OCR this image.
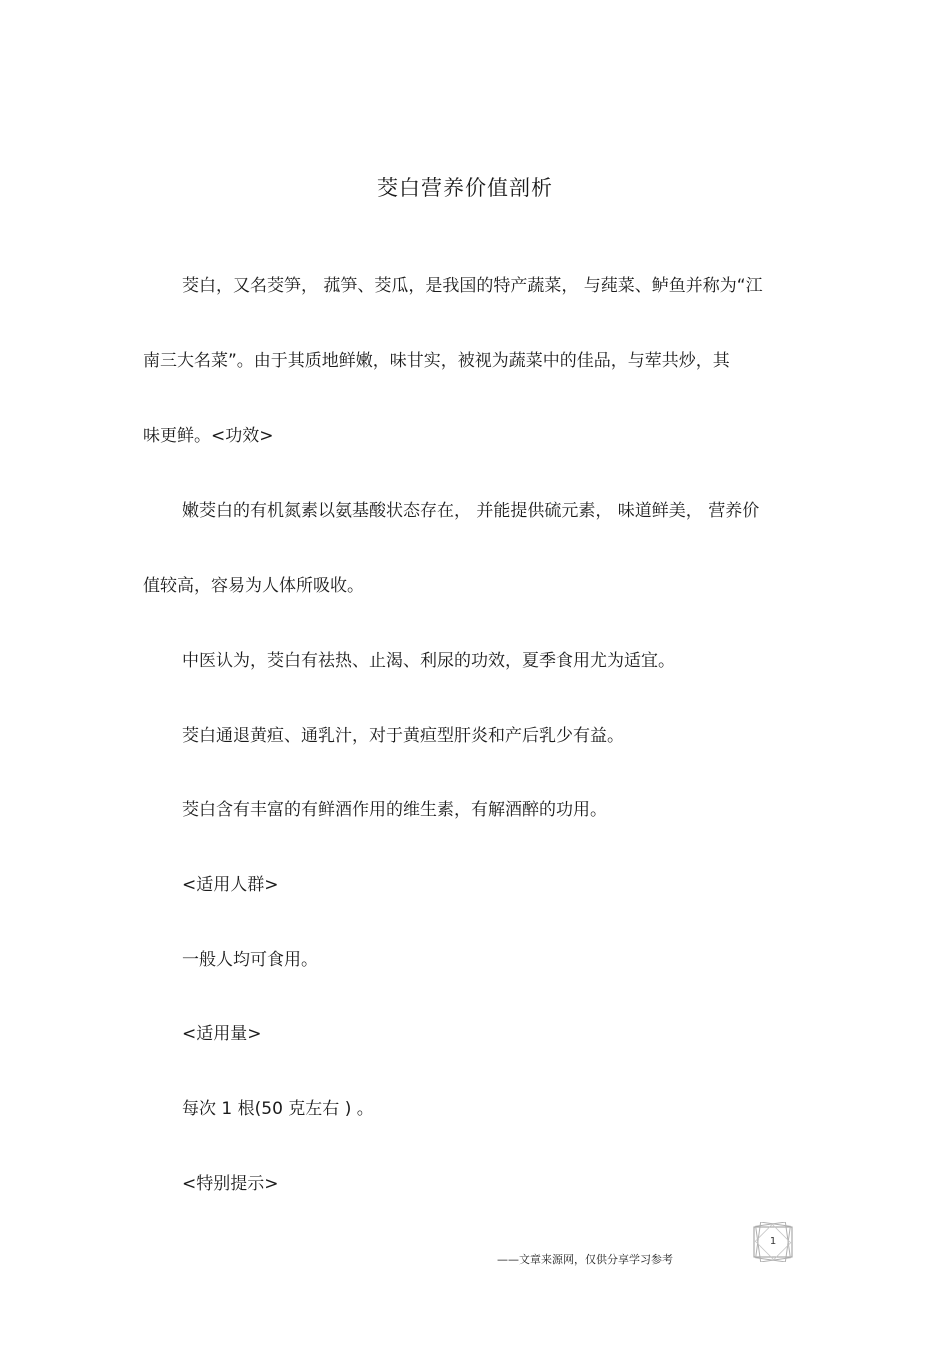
茭白营养价值剖析
茭白，又名茭笋， 菰笋、茭瓜，是我国的特产蔬菜， 与莼菜、鲈鱼并称为“江
南三大名菜”。由于其质地鲜嫩，味甘实，被视为蔬菜中的佳品，与荤共炒，其
味更鲜。<功效>
嫩茭白的有机氮素以氨基酸状态存在， 并能提供硫元素， 味道鲜美， 营养价
值较高，容易为人体所吸收。
中医认为，茭白有祛热、止渴、利尿的功效，夏季食用尤为适宜。
茭白通退黄疸、通乳汁，对于黄疸型肝炎和产后乳少有益。
茭白含有丰富的有鲜酒作用的维生素，有解酒醉的功用。
<适用人群>
一般人均可食用。
<适用量>
每次 1 根(50 克左右 ) 。
<特别提示>
——文章来源网，仅供分享学习参考
1
